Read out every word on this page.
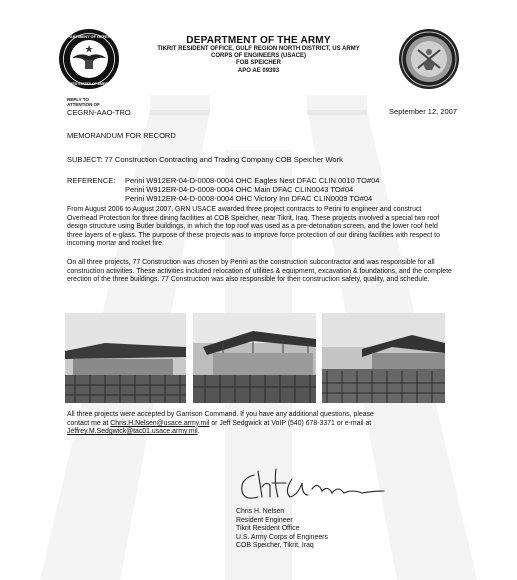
DEPARTMENT OF DEFENSE
UNITED STATES OF AMERICA
DEPARTMENT OF THE ARMY
TIKRIT RESIDENT OFFICE, GULF REGION NORTH DISTRICT, US ARMY
CORPS OF ENGINEERS (USACE)
FOB SPEICHER
APO AE 09393
REPLY TO
ATTENTION OF
CEGRN-AAO-TRO	September 12, 2007
MEMORANDUM FOR RECORD
SUBJECT: 77 Construction Contracting and Trading Company COB Speicher Work
REFERENCE: Perini W912ER-04-D-0008-0004 OHC Eagles Nest DFAC CLIN 0010 TO#04
Perini W912ER-04-D-0008-0004 OHC Main DFAC CLIN0043 TO#04
Perini W912ER-04-D-0008-0004 OHC Victory Inn DFAC CLIN0009 TO#04
From August 2006 to August 2007, GRN USACE awarded three project contracts to Perini to engineer and construct Overhead Protection for three dining facilities at COB Speicher, near Tikrit, Iraq. These projects involved a special two roof design structure using Butler buildings, in which the top roof was used as a pre-detonation screen, and the lower roof held three layers of e-glass. The purpose of these projects was to improve force protection of our dining facilities with respect to incoming mortar and rocket fire.
On all three projects, 77 Construction was chosen by Perini as the construction subcontractor and was responsible for all construction activities. These activities included relocation of utilities & equipment, excavation & foundations, and the complete erection of the three buildings. 77 Construction was also responsible for their construction safety, quality, and schedule.
All three projects were accepted by Garrison Command. If you have any additional questions, please
contact me at Chris.H.Nelsen@usace.army.mil or Jeff Sedgwick at VoIP (540) 678-3371 or e-mail at
Jeffrey.M.Sedgwick@tac01.usace.army.mil.
Chris H. Nelsen
Resident Engineer
Tikrit Resident Office
U.S. Army Corps of Engineers
COB Speicher, Tikrit, Iraq
